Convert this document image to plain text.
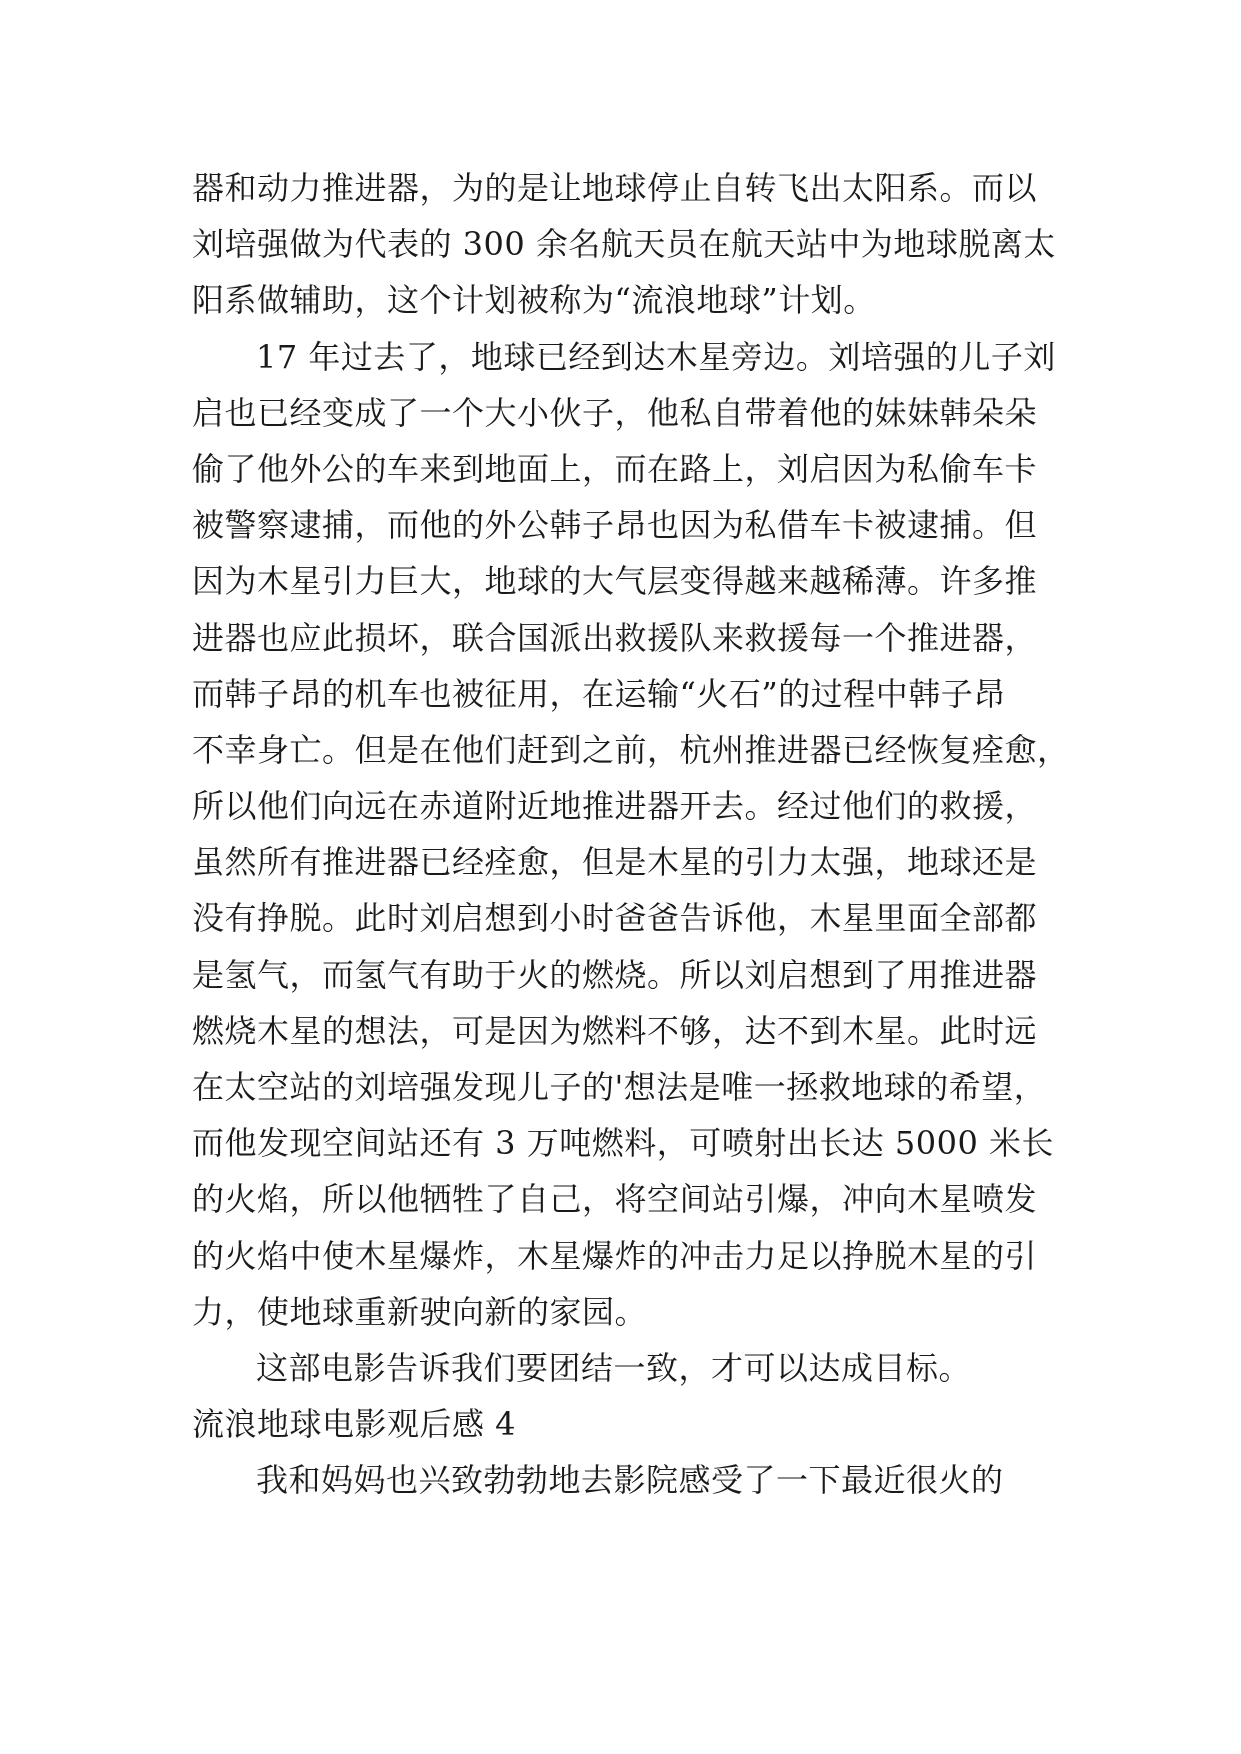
器和动力推进器，为的是让地球停止自转飞出太阳系。而以
刘培强做为代表的 300 余名航天员在航天站中为地球脱离太
阳系做辅助，这个计划被称为“流浪地球”计划。
17 年过去了，地球已经到达木星旁边。刘培强的儿子刘
启也已经变成了一个大小伙子，他私自带着他的妹妹韩朵朵
偷了他外公的车来到地面上，而在路上，刘启因为私偷车卡
被警察逮捕，而他的外公韩子昂也因为私借车卡被逮捕。但
因为木星引力巨大，地球的大气层变得越来越稀薄。许多推
进器也应此损坏，联合国派出救援队来救援每一个推进器，
而韩子昂的机车也被征用，在运输“火石”的过程中韩子昂
不幸身亡。但是在他们赶到之前，杭州推进器已经恢复痊愈，
所以他们向远在赤道附近地推进器开去。经过他们的救援，
虽然所有推进器已经痊愈，但是木星的引力太强，地球还是
没有挣脱。此时刘启想到小时爸爸告诉他，木星里面全部都
是氢气，而氢气有助于火的燃烧。所以刘启想到了用推进器
燃烧木星的想法，可是因为燃料不够，达不到木星。此时远
在太空站的刘培强发现儿子的'想法是唯一拯救地球的希望，
而他发现空间站还有 3 万吨燃料，可喷射出长达 5000 米长
的火焰，所以他牺牲了自己，将空间站引爆，冲向木星喷发
的火焰中使木星爆炸，木星爆炸的冲击力足以挣脱木星的引
力，使地球重新驶向新的家园。
这部电影告诉我们要团结一致，才可以达成目标。
流浪地球电影观后感 4
我和妈妈也兴致勃勃地去影院感受了一下最近很火的
